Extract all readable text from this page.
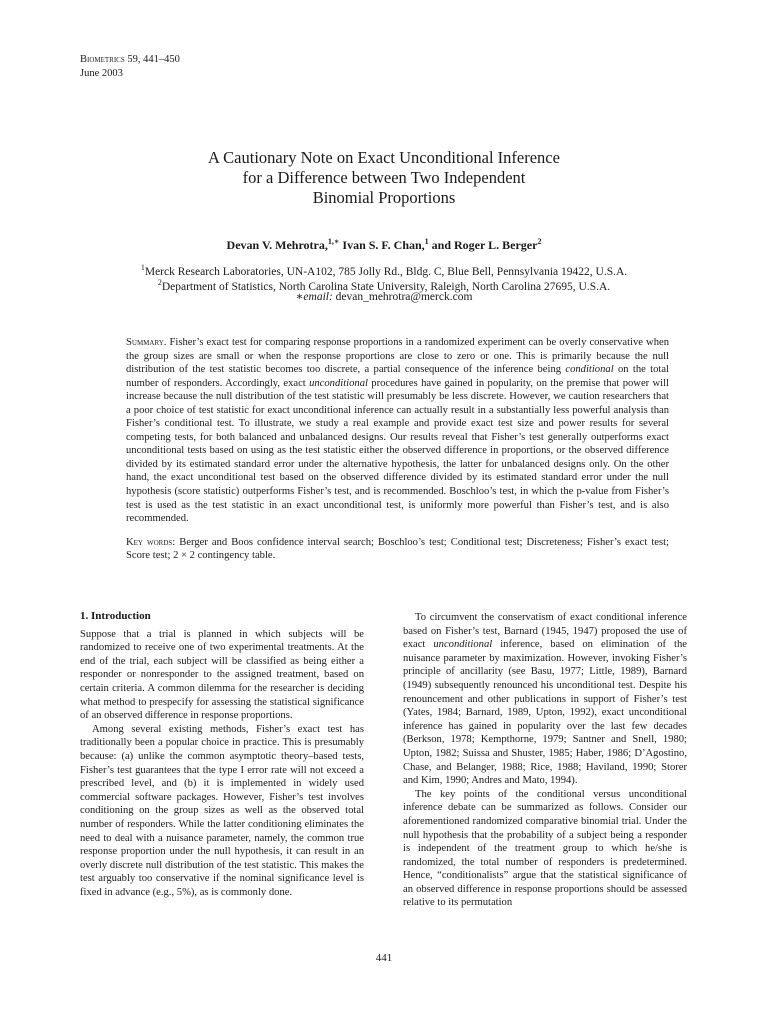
Biometrics 59, 441–450
June 2003
A Cautionary Note on Exact Unconditional Inference
for a Difference between Two Independent
Binomial Proportions
Devan V. Mehrotra,$^{1,∗}$ Ivan S. F. Chan,$^1$ and Roger L. Berger$^2$
$^1$Merck Research Laboratories, UN-A102, 785 Jolly Rd., Bldg. C, Blue Bell, Pennsylvania 19422, U.S.A.
$^2$Department of Statistics, North Carolina State University, Raleigh, North Carolina 27695, U.S.A.
∗email: devan_mehrotra@merck.com
Summary. Fisher’s exact test for comparing response proportions in a randomized experiment can be overly conservative when the group sizes are small or when the response proportions are close to zero or one. This is primarily because the null distribution of the test statistic becomes too discrete, a partial consequence of the inference being conditional on the total number of responders. Accordingly, exact unconditional procedures have gained in popularity, on the premise that power will increase because the null distribution of the test statistic will presumably be less discrete. However, we caution researchers that a poor choice of test statistic for exact unconditional inference can actually result in a substantially less powerful analysis than Fisher’s conditional test. To illustrate, we study a real example and provide exact test size and power results for several competing tests, for both balanced and unbalanced designs. Our results reveal that Fisher’s test generally outperforms exact unconditional tests based on using as the test statistic either the observed difference in proportions, or the observed difference divided by its estimated standard error under the alternative hypothesis, the latter for unbalanced designs only. On the other hand, the exact unconditional test based on the observed difference divided by its estimated standard error under the null hypothesis (score statistic) outperforms Fisher’s test, and is recommended. Boschloo’s test, in which the p-value from Fisher’s test is used as the test statistic in an exact unconditional test, is uniformly more powerful than Fisher’s test, and is also recommended.
Key words: Berger and Boos confidence interval search; Boschloo’s test; Conditional test; Discreteness; Fisher’s exact test; Score test; 2 × 2 contingency table.
1. Introduction

Suppose that a trial is planned in which subjects will be randomized to receive one of two experimental treatments. At the end of the trial, each subject will be classified as being either a responder or nonresponder to the assigned treatment, based on certain criteria. A common dilemma for the researcher is deciding what method to prespecify for assessing the statistical significance of an observed difference in response proportions.

Among several existing methods, Fisher’s exact test has traditionally been a popular choice in practice. This is presumably because: (a) unlike the common asymptotic theory–based tests, Fisher’s test guarantees that the type I error rate will not exceed a prescribed level, and (b) it is implemented in widely used commercial software packages. However, Fisher’s test involves conditioning on the group sizes as well as the observed total number of responders. While the latter conditioning eliminates the need to deal with a nuisance parameter, namely, the common true response proportion under the null hypothesis, it can result in an overly discrete null distribution of the test statistic. This makes the test arguably too conservative if the nominal significance level is fixed in advance (e.g., 5%), as is commonly done.

To circumvent the conservatism of exact conditional inference based on Fisher’s test, Barnard (1945, 1947) proposed the use of exact unconditional inference, based on elimination of the nuisance parameter by maximization. However, invoking Fisher’s principle of ancillarity (see Basu, 1977; Little, 1989), Barnard (1949) subsequently renounced his unconditional test. Despite his renouncement and other publications in support of Fisher’s test (Yates, 1984; Barnard, 1989, Upton, 1992), exact unconditional inference has gained in popularity over the last few decades (Berkson, 1978; Kempthorne, 1979; Santner and Snell, 1980; Upton, 1982; Suissa and Shuster, 1985; Haber, 1986; D’Agostino, Chase, and Belanger, 1988; Rice, 1988; Haviland, 1990; Storer and Kim, 1990; Andres and Mato, 1994).

The key points of the conditional versus unconditional inference debate can be summarized as follows. Consider our aforementioned randomized comparative binomial trial. Under the null hypothesis that the probability of a subject being a responder is independent of the treatment group to which he/she is randomized, the total number of responders is predetermined. Hence, “conditionalists” argue that the statistical significance of an observed difference in response proportions should be assessed relative to its permutation

441
